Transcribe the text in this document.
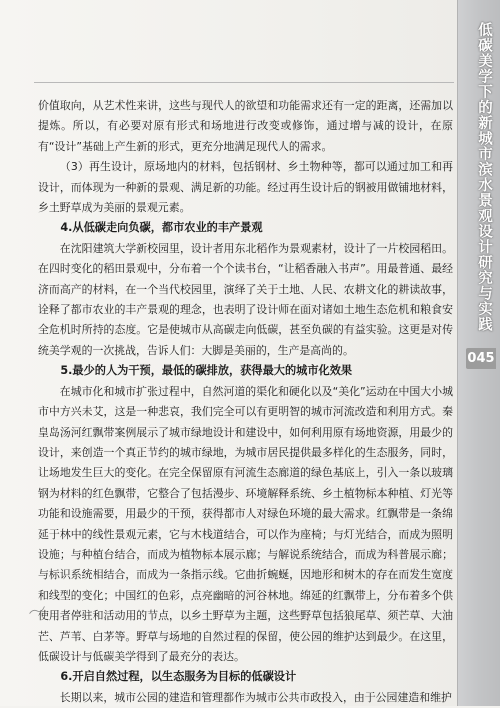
价值取向，从艺术性来讲，这些与现代人的欲望和功能需求还有一定的距离，还需加以提炼。所以，有必要对原有形式和场地进行改变或修饰，通过增与减的设计，在原有“设计”基础上产生新的形式，更充分地满足现代人的需求。

（3）再生设计，原场地内的材料，包括钢材、乡土物种等，都可以通过加工和再设计，而体现为一种新的景观、满足新的功能。经过再生设计后的钢被用做铺地材料，乡土野草成为美丽的景观元素。

4.从低碳走向负碳，都市农业的丰产景观

在沈阳建筑大学新校园里，设计者用东北稻作为景观素材，设计了一片校园稻田。在四时变化的稻田景观中，分布着一个个读书台，“让稻香融入书声”。用最普通、最经济而高产的材料，在一个当代校园里，演绎了关于土地、人民、农耕文化的耕读故事，诠释了都市农业的丰产景观的理念，也表明了设计师在面对诸如土地生态危机和粮食安全危机时所持的态度。它是使城市从高碳走向低碳，甚至负碳的有益实验。这更是对传统美学观的一次挑战，告诉人们：大脚是美丽的，生产是高尚的。

5.最少的人为干预，最低的碳排放，获得最大的城市化效果

在城市化和城市扩张过程中，自然河道的渠化和硬化以及“美化”运动在中国大小城市中方兴未艾，这是一种悲哀，我们完全可以有更明智的城市河流改造和利用方式。秦皇岛汤河红飘带案例展示了城市绿地设计和建设中，如何利用原有场地资源，用最少的设计，来创造一个真正节约的城市绿地，为城市居民提供最多样化的生态服务，同时，让场地发生巨大的变化。在完全保留原有河流生态廊道的绿色基底上，引入一条以玻璃钢为材料的红色飘带，它整合了包括漫步、环境解释系统、乡土植物标本种植、灯光等功能和设施需要，用最少的干预，获得都市人对绿色环境的最大需求。红飘带是一条绵延于林中的线性景观元素，它与木栈道结合，可以作为座椅；与灯光结合，而成为照明设施；与种植台结合，而成为植物标本展示廊；与解说系统结合，而成为科普展示廊；与标识系统相结合，而成为一条指示线。它曲折蜿蜒，因地形和树木的存在而发生宽度和线型的变化；中国红的色彩，点亮幽暗的河谷林地。绵延的红飘带上，分布着多个供使用者停驻和活动用的节点，以乡土野草为主题，这些野草包括狼尾草、须芒草、大油芒、芦苇、白茅等。野草与场地的自然过程的保留，使公园的维护达到最少。在这里，低碳设计与低碳美学得到了最充分的表达。

6.开启自然过程，以生态服务为目标的低碳设计

长期以来，城市公园的建造和管理都作为城市公共市政投入，由于公园建造和维护

低碳美学下的新城市滨水景观设计研究与实践
045
